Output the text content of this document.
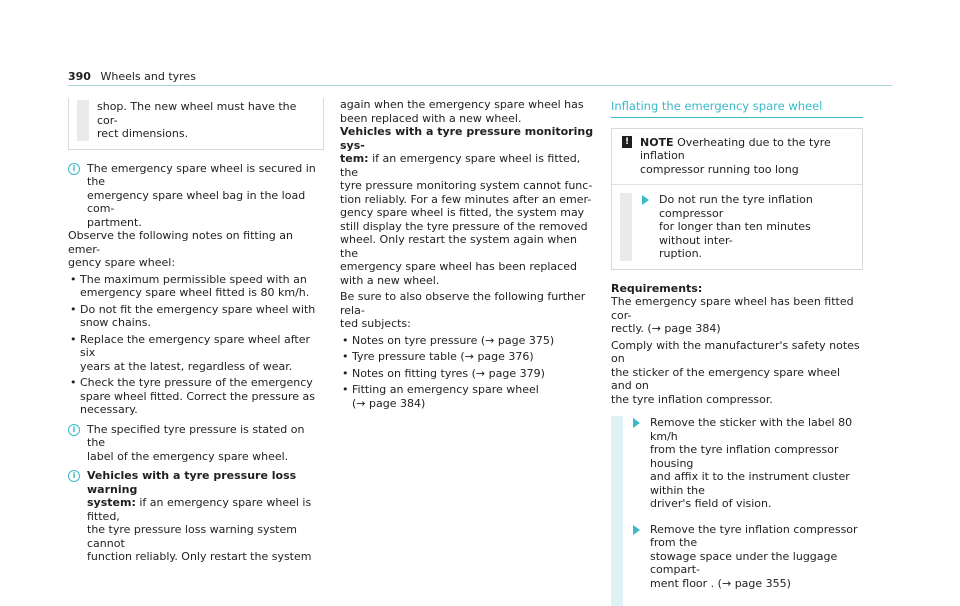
390 Wheels and tyres

shop. The new wheel must have the cor-
rect dimensions.

i	The emergency spare wheel is secured in the
emergency spare wheel bag in the load com-
partment.

Observe the following notes on fitting an emer-
gency spare wheel:

• The maximum permissible speed with an
emergency spare wheel fitted is 80 km/h.
• Do not fit the emergency spare wheel with
snow chains.
• Replace the emergency spare wheel after six
years at the latest, regardless of wear.
• Check the tyre pressure of the emergency
spare wheel fitted. Correct the pressure as
necessary.
i	The specified tyre pressure is stated on the
label of the emergency spare wheel.

i	Vehicles with a tyre pressure loss warning
system: if an emergency spare wheel is fitted,
the tyre pressure loss warning system cannot
function reliably. Only restart the system

again when the emergency spare wheel has
been replaced with a new wheel.

Vehicles with a tyre pressure monitoring sys-
tem: if an emergency spare wheel is fitted, the
tyre pressure monitoring system cannot func-
tion reliably. For a few minutes after an emer-
gency spare wheel is fitted, the system may
still display the tyre pressure of the removed
wheel. Only restart the system again when the
emergency spare wheel has been replaced
with a new wheel.

Be sure to also observe the following further rela-
ted subjects:

• Notes on tyre pressure (→ page 375)
• Tyre pressure table (→ page 376)
• Notes on fitting tyres (→ page 379)
• Fitting an emergency spare wheel
(→ page 384)
Inflating the emergency spare wheel
! NOTE Overheating due to the tyre inflation
compressor running too long

Do not run the tyre inflation compressor
for longer than ten minutes without inter-
ruption.

Requirements:

The emergency spare wheel has been fitted cor-
rectly. (→ page 384)

Comply with the manufacturer's safety notes on
the sticker of the emergency spare wheel and on
the tyre inflation compressor.

Remove the sticker with the label 80 km/h
from the tyre inflation compressor housing
and affix it to the instrument cluster within the
driver's field of vision.

Remove the tyre inflation compressor from the
stowage space under the luggage compart-
ment floor . (→ page 355)
